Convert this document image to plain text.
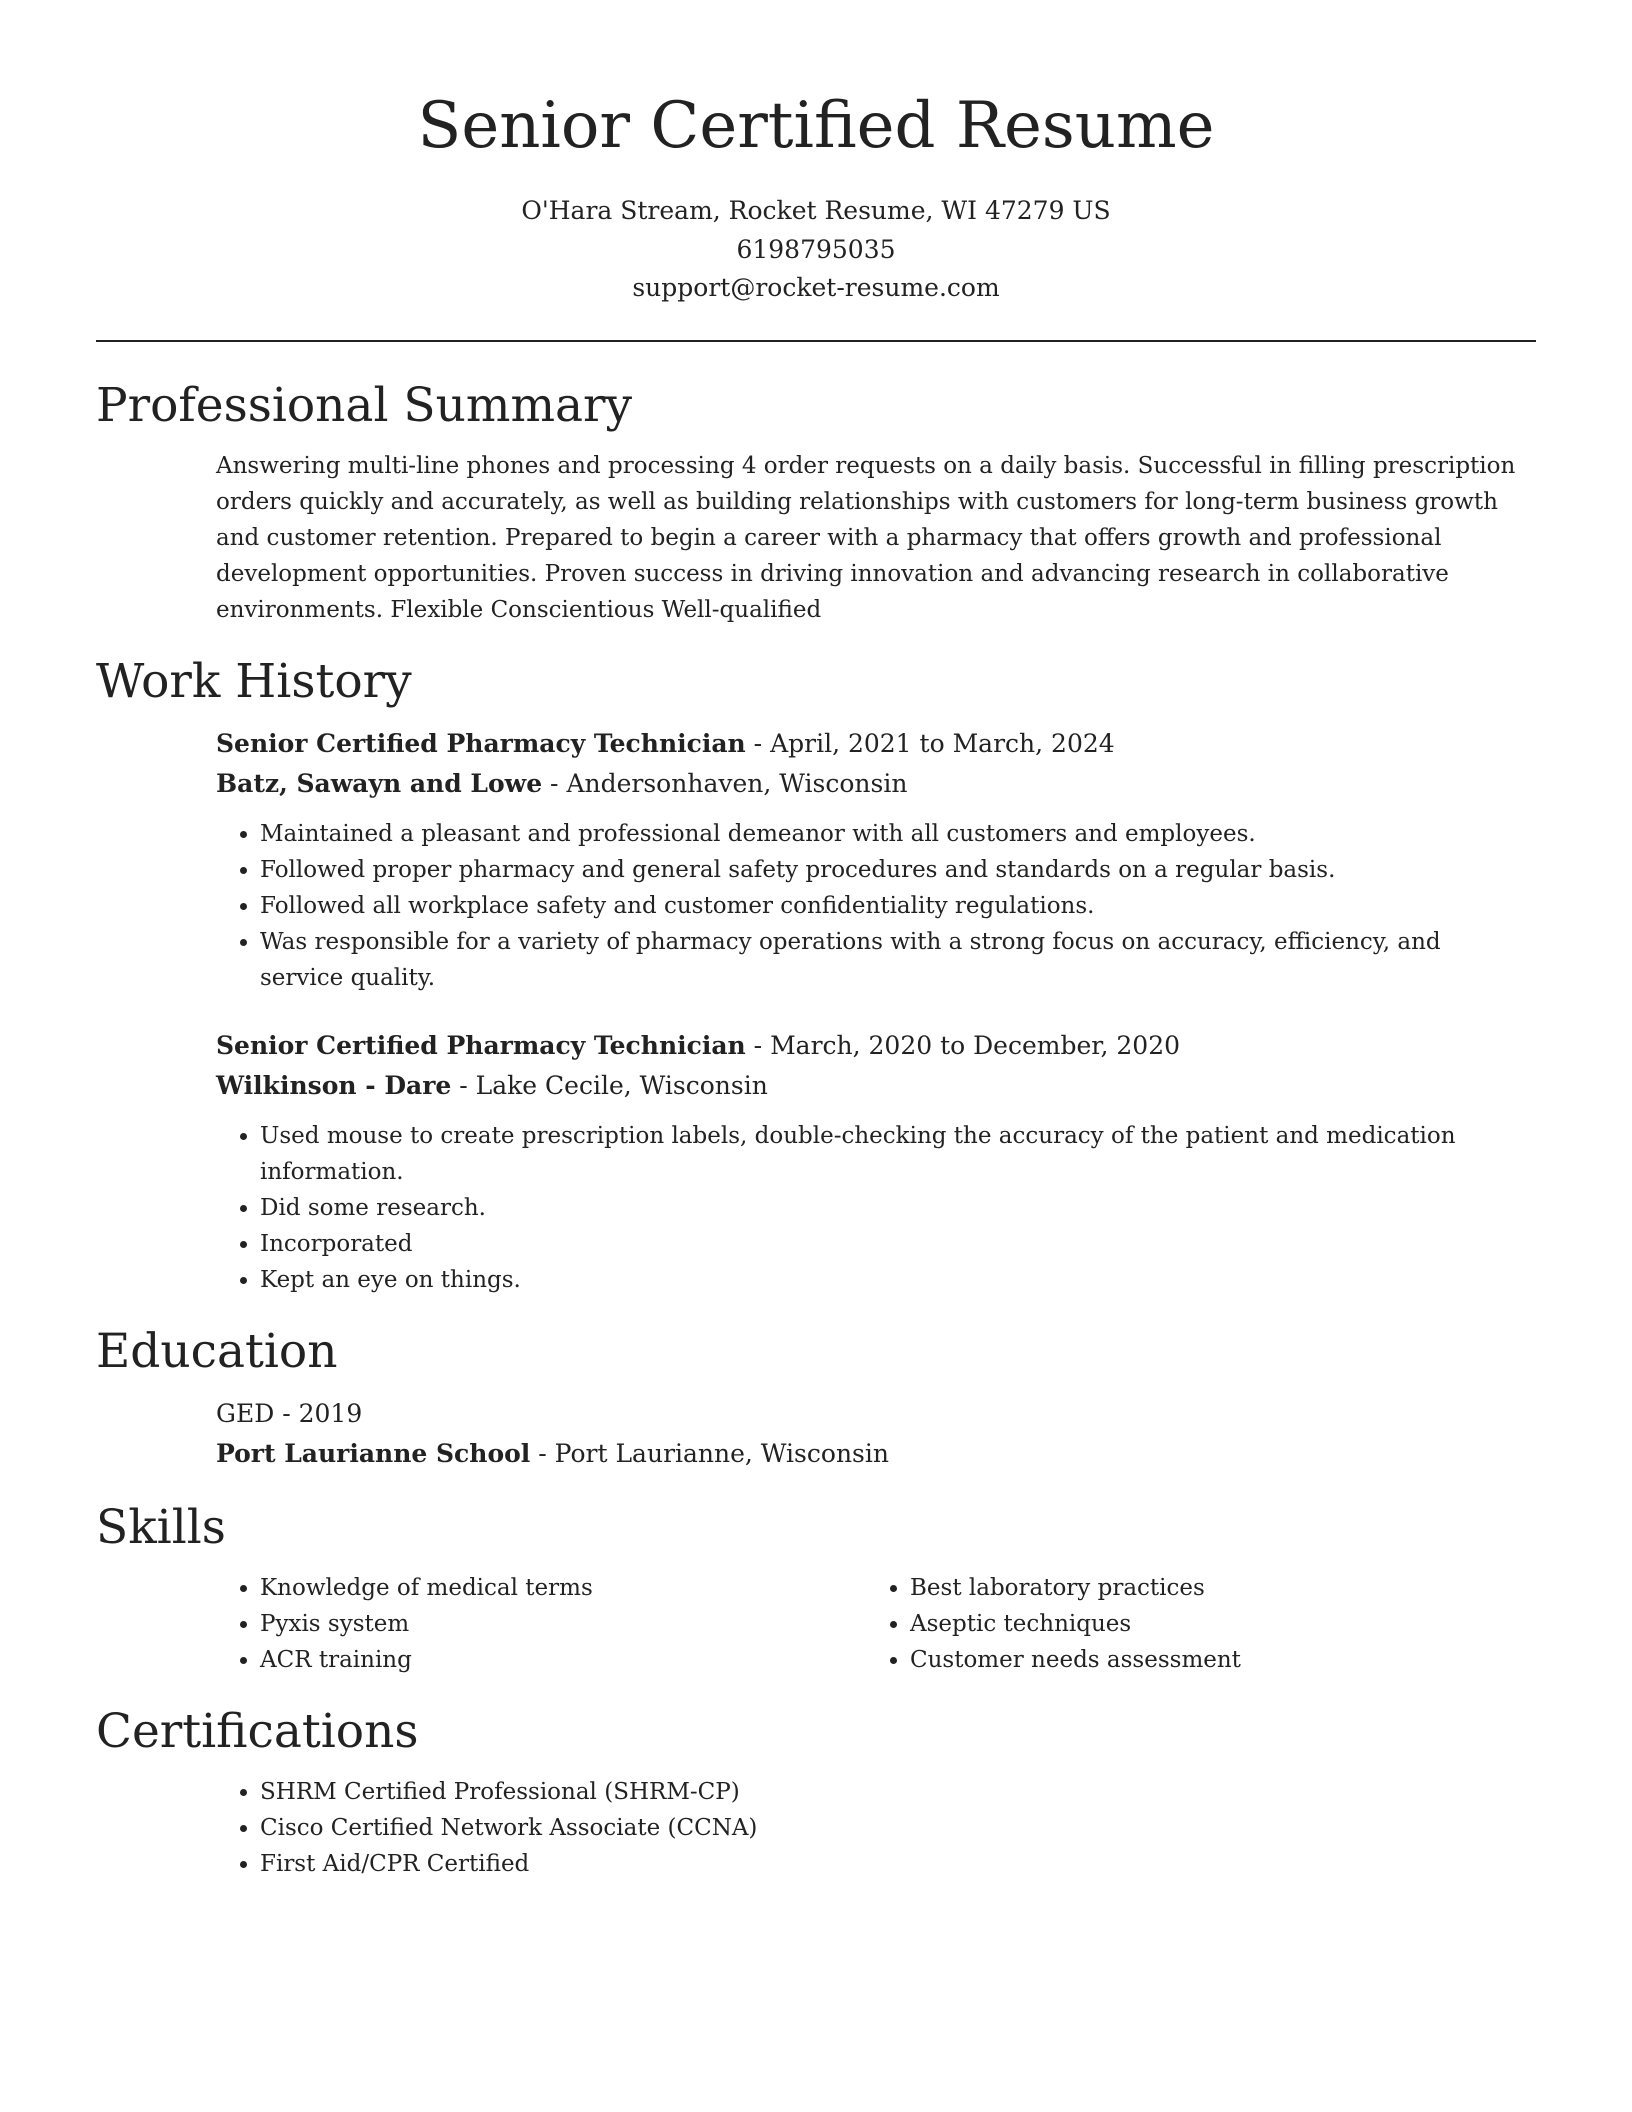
Senior Certified Resume
O'Hara Stream, Rocket Resume, WI 47279 US
6198795035
support@rocket-resume.com
Professional Summary

Answering multi-line phones and processing 4 order requests on a daily basis. Successful in filling prescription orders quickly and accurately, as well as building relationships with customers for long-term business growth and customer retention. Prepared to begin a career with a pharmacy that offers growth and professional development opportunities. Proven success in driving innovation and advancing research in collaborative environments. Flexible Conscientious Well-qualified

Work History
Senior Certified Pharmacy Technician - April, 2021 to March, 2024
Batz, Sawayn and Lowe - Andersonhaven, Wisconsin
• Maintained a pleasant and professional demeanor with all customers and employees.
• Followed proper pharmacy and general safety procedures and standards on a regular basis.
• Followed all workplace safety and customer confidentiality regulations.
• Was responsible for a variety of pharmacy operations with a strong focus on accuracy, efficiency, and service quality.
Senior Certified Pharmacy Technician - March, 2020 to December, 2020
Wilkinson - Dare - Lake Cecile, Wisconsin
• Used mouse to create prescription labels, double-checking the accuracy of the patient and medication information.
• Did some research.
• Incorporated
• Kept an eye on things.
Education
GED - 2019
Port Laurianne School - Port Laurianne, Wisconsin
Skills
• Knowledge of medical terms
• Pyxis system
• ACR training
• Best laboratory practices
• Aseptic techniques
• Customer needs assessment
Certifications
• SHRM Certified Professional (SHRM-CP)
• Cisco Certified Network Associate (CCNA)
• First Aid/CPR Certified
